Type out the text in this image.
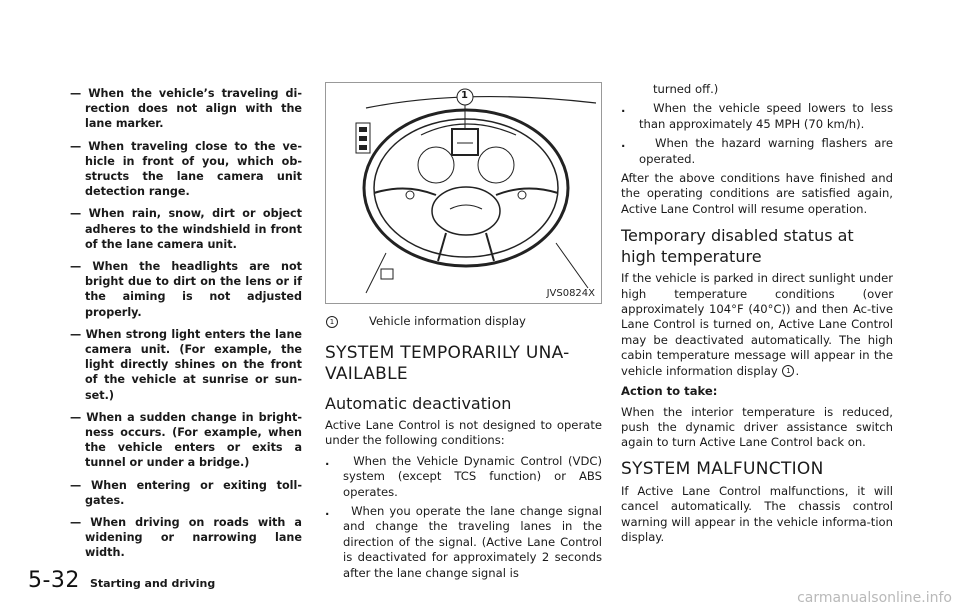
— When the vehicle’s traveling di-rection does not align with the lane marker.
— When traveling close to the ve-hicle in front of you, which ob-structs the lane camera unit detection range.
— When rain, snow, dirt or object adheres to the windshield in front of the lane camera unit.
— When the headlights are not bright due to dirt on the lens or if the aiming is not adjusted properly.
— When strong light enters the lane camera unit. (For example, the light directly shines on the front of the vehicle at sunrise or sun-set.)
— When a sudden change in bright-ness occurs. (For example, when the vehicle enters or exits a tunnel or under a bridge.)
— When entering or exiting toll-gates.
— When driving on roads with a widening or narrowing lane width.
1
JVS0824X
1	Vehicle information display
SYSTEM TEMPORARILY UNA-VAILABLE
Automatic deactivation

Active Lane Control is not designed to operate under the following conditions:

.    When the Vehicle Dynamic Control (VDC) system (except TCS function) or ABS operates.
.    When you operate the lane change signal and change the traveling lanes in the direction of the signal. (Active Lane Control is deactivated for approximately 2 seconds after the lane change signal is
turned off.)
.    When the vehicle speed lowers to less than approximately 45 MPH (70 km/h).
.    When the hazard warning flashers are operated.

After the above conditions have finished and the operating conditions are satisfied again, Active Lane Control will resume operation.

Temporary disabled status at high temperature

If the vehicle is parked in direct sunlight under high temperature conditions (over approximately 104°F (40°C)) and then Ac-tive Lane Control is turned on, Active Lane Control may be deactivated automatically. The high cabin temperature message will appear in the vehicle information display 1 .

Action to take:

When the interior temperature is reduced, push the dynamic driver assistance switch again to turn Active Lane Control back on.

SYSTEM MALFUNCTION

If Active Lane Control malfunctions, it will cancel automatically. The chassis control warning will appear in the vehicle informa-tion display.

5-32 Starting and driving
carmanualsonline.info
